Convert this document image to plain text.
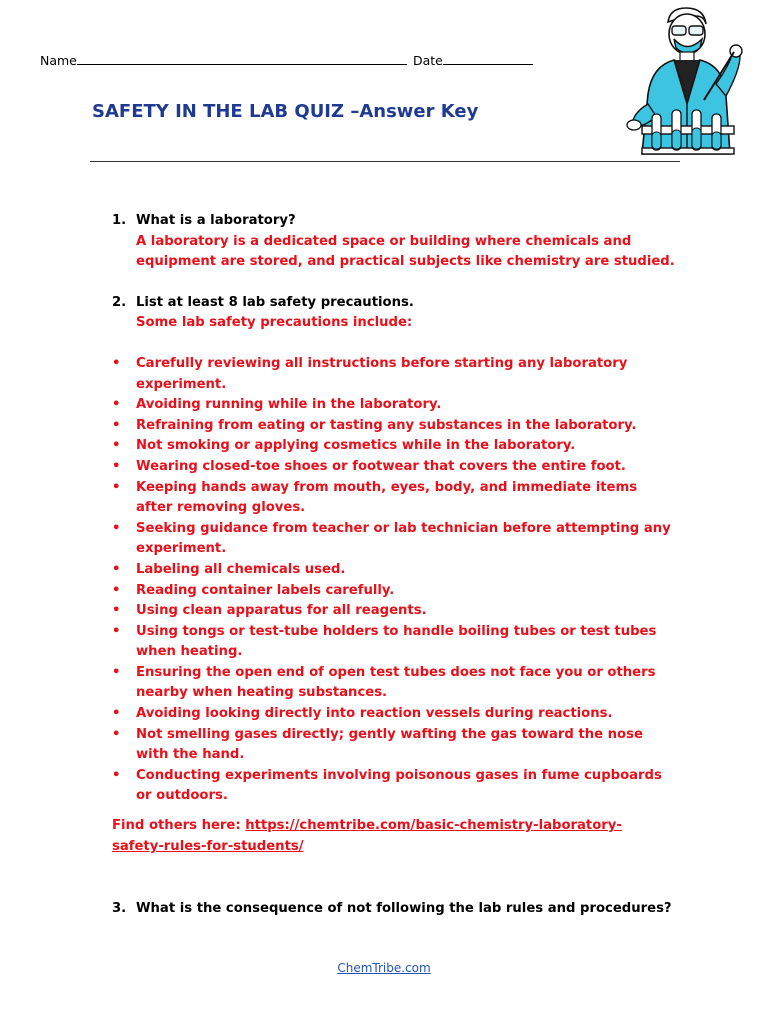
Name	Date
SAFETY IN THE LAB QUIZ –Answer Key

1. What is a laboratory?

A laboratory is a dedicated space or building where chemicals and equipment are stored, and practical subjects like chemistry are studied.

2. List at least 8 lab safety precautions.

Some lab safety precautions include:

• Carefully reviewing all instructions before starting any laboratory experiment.
• Avoiding running while in the laboratory.
• Refraining from eating or tasting any substances in the laboratory.
• Not smoking or applying cosmetics while in the laboratory.
• Wearing closed-toe shoes or footwear that covers the entire foot.
• Keeping hands away from mouth, eyes, body, and immediate items after removing gloves.
• Seeking guidance from teacher or lab technician before attempting any experiment.
• Labeling all chemicals used.
• Reading container labels carefully.
• Using clean apparatus for all reagents.
• Using tongs or test-tube holders to handle boiling tubes or test tubes when heating.
• Ensuring the open end of open test tubes does not face you or others nearby when heating substances.
• Avoiding looking directly into reaction vessels during reactions.
• Not smelling gases directly; gently wafting the gas toward the nose with the hand.
• Conducting experiments involving poisonous gases in fume cupboards or outdoors.
Find others here: https://chemtribe.com/basic-chemistry-laboratory-safety-rules-for-students/
3. What is the consequence of not following the lab rules and procedures?
ChemTribe.com
